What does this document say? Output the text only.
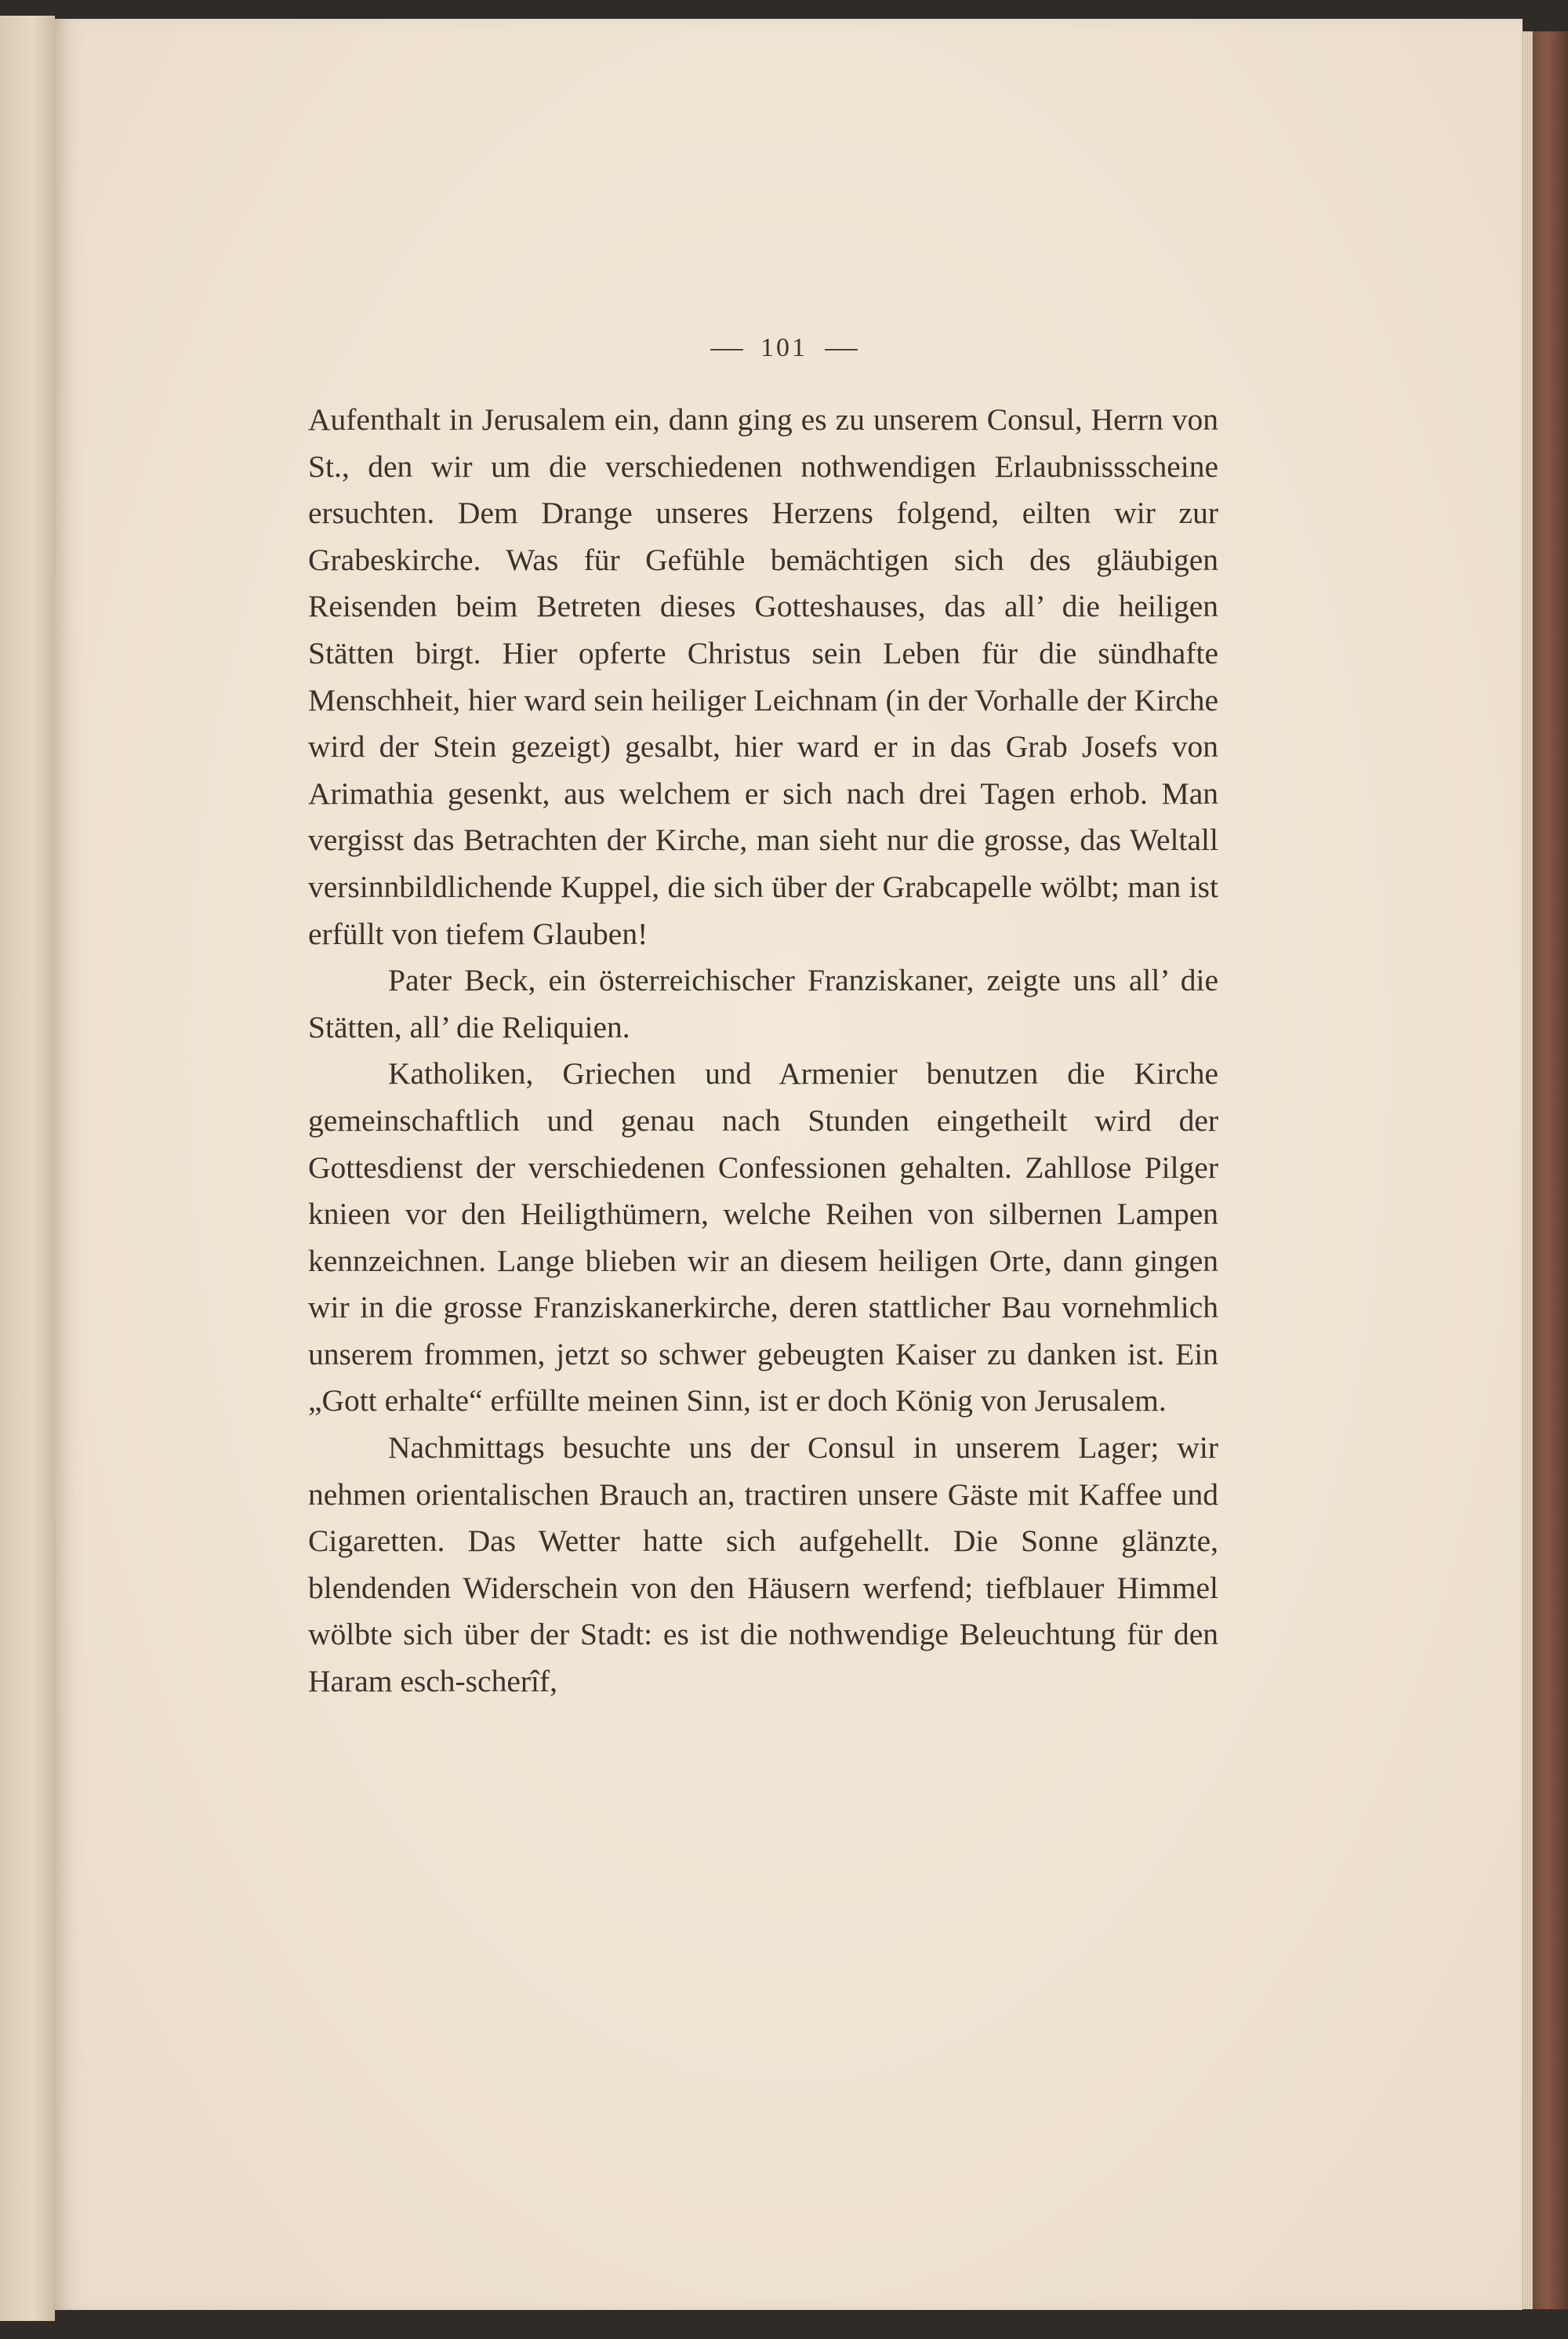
101

Aufenthalt in Jerusalem ein, dann ging es zu unserem Consul, Herrn von St., den wir um die verschiedenen nothwendigen Erlaubnissscheine ersuchten. Dem Drange unseres Herzens folgend, eilten wir zur Grabeskirche. Was für Gefühle bemächtigen sich des gläubigen Reisenden beim Betreten dieses Gotteshauses, das all’ die heiligen Stätten birgt. Hier opferte Christus sein Leben für die sündhafte Menschheit, hier ward sein heiliger Leichnam (in der Vorhalle der Kirche wird der Stein gezeigt) gesalbt, hier ward er in das Grab Josefs von Arimathia gesenkt, aus welchem er sich nach drei Tagen erhob. Man vergisst das Betrachten der Kirche, man sieht nur die grosse, das Weltall versinnbildlichende Kuppel, die sich über der Grabcapelle wölbt; man ist erfüllt von tiefem Glauben!

Pater Beck, ein österreichischer Franziskaner, zeigte uns all’ die Stätten, all’ die Reliquien.

Katholiken, Griechen und Armenier benutzen die Kirche gemeinschaftlich und genau nach Stunden eingetheilt wird der Gottesdienst der verschiedenen Confessionen gehalten. Zahllose Pilger knieen vor den Heiligthümern, welche Reihen von silbernen Lampen kennzeichnen. Lange blieben wir an diesem heiligen Orte, dann gingen wir in die grosse Franziskanerkirche, deren stattlicher Bau vornehmlich unserem frommen, jetzt so schwer gebeugten Kaiser zu danken ist. Ein „Gott erhalte“ erfüllte meinen Sinn, ist er doch König von Jerusalem.

Nachmittags besuchte uns der Consul in unserem Lager; wir nehmen orientalischen Brauch an, tractiren unsere Gäste mit Kaffee und Cigaretten. Das Wetter hatte sich aufgehellt. Die Sonne glänzte, blendenden Widerschein von den Häusern werfend; tiefblauer Himmel wölbte sich über der Stadt: es ist die nothwendige Beleuchtung für den Haram esch-scherîf,
